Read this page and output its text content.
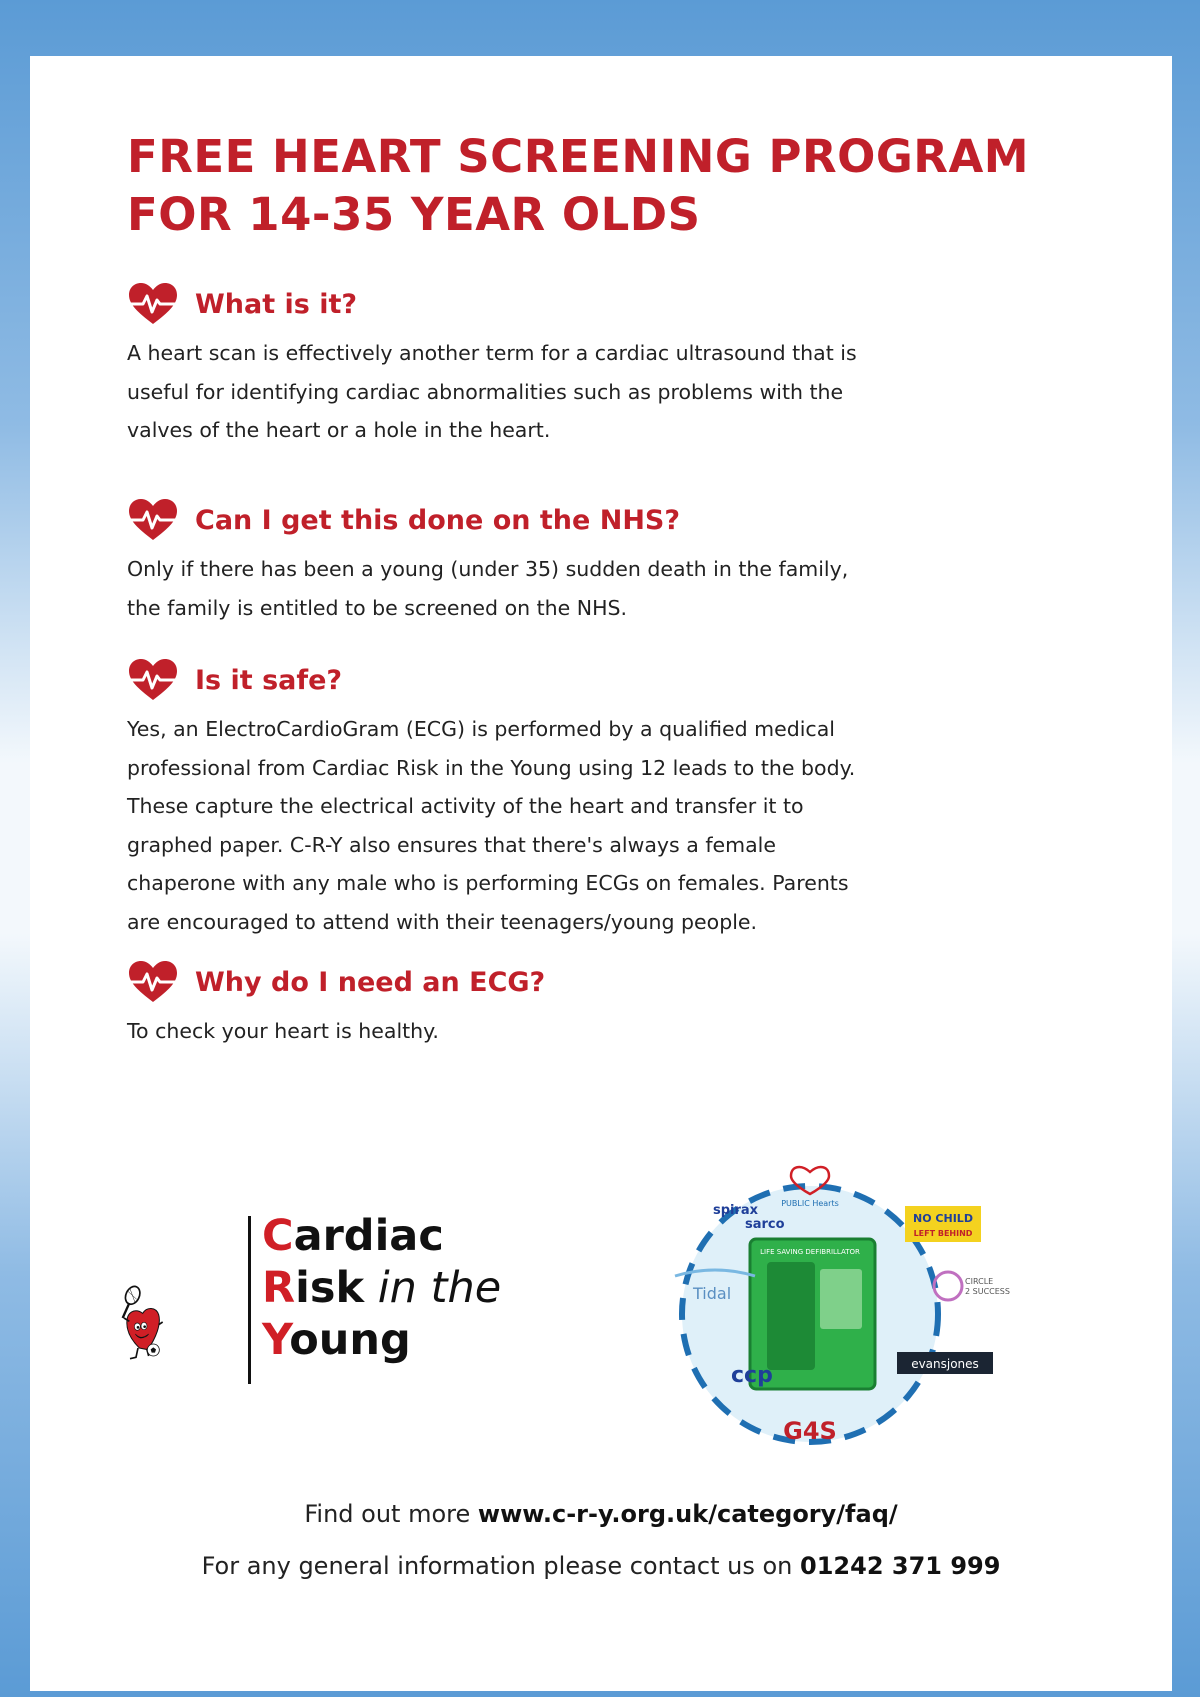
FREE HEART SCREENING PROGRAM
FOR 14-35 YEAR OLDS
What is it?

A heart scan is effectively another term for a cardiac ultrasound that is
useful for identifying cardiac abnormalities such as problems with the
valves of the heart or a hole in the heart.

Can I get this done on the NHS?

Only if there has been a young (under 35) sudden death in the family,
the family is entitled to be screened on the NHS.

Is it safe?

Yes, an ElectroCardioGram (ECG) is performed by a qualified medical
professional from Cardiac Risk in the Young using 12 leads to the body.
These capture the electrical activity of the heart and transfer it to
graphed paper. C-R-Y also ensures that there's always a female
chaperone with any male who is performing ECGs on females. Parents
are encouraged to attend with their teenagers/young people.

Why do I need an ECG?

To check your heart is healthy.

Cardiac
Risk in the
Young
LIFE SAVING DEFIBRILLATOR
PUBLIC Hearts
NO CHILD
LEFT BEHIND
spirax
sarco
Tidal
CIRCLE
2 SUCCESS
ccp	evansjones
G4S
Find out more www.c-r-y.org.uk/category/faq/
For any general information please contact us on 01242 371 999
